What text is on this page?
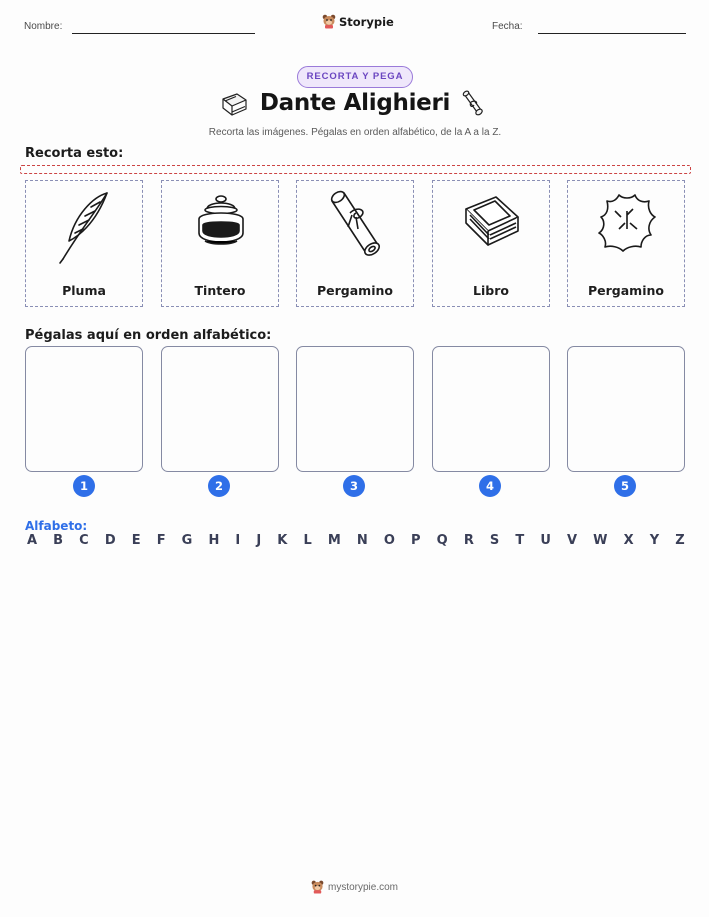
Nombre:	Storypie	Fecha:
RECORTA Y PEGA
Dante Alighieri
Recorta las imágenes. Pégalas en orden alfabético, de la A a la Z.
Recorta esto:
Pluma	Tintero	Pergamino	Libro	Pergamino
Pégalas aquí en orden alfabético:
1	2	3	4	5
Alfabeto:
A B C D E F G H I J K L M N O P Q R S T U V W X Y Z
mystorypie.com
